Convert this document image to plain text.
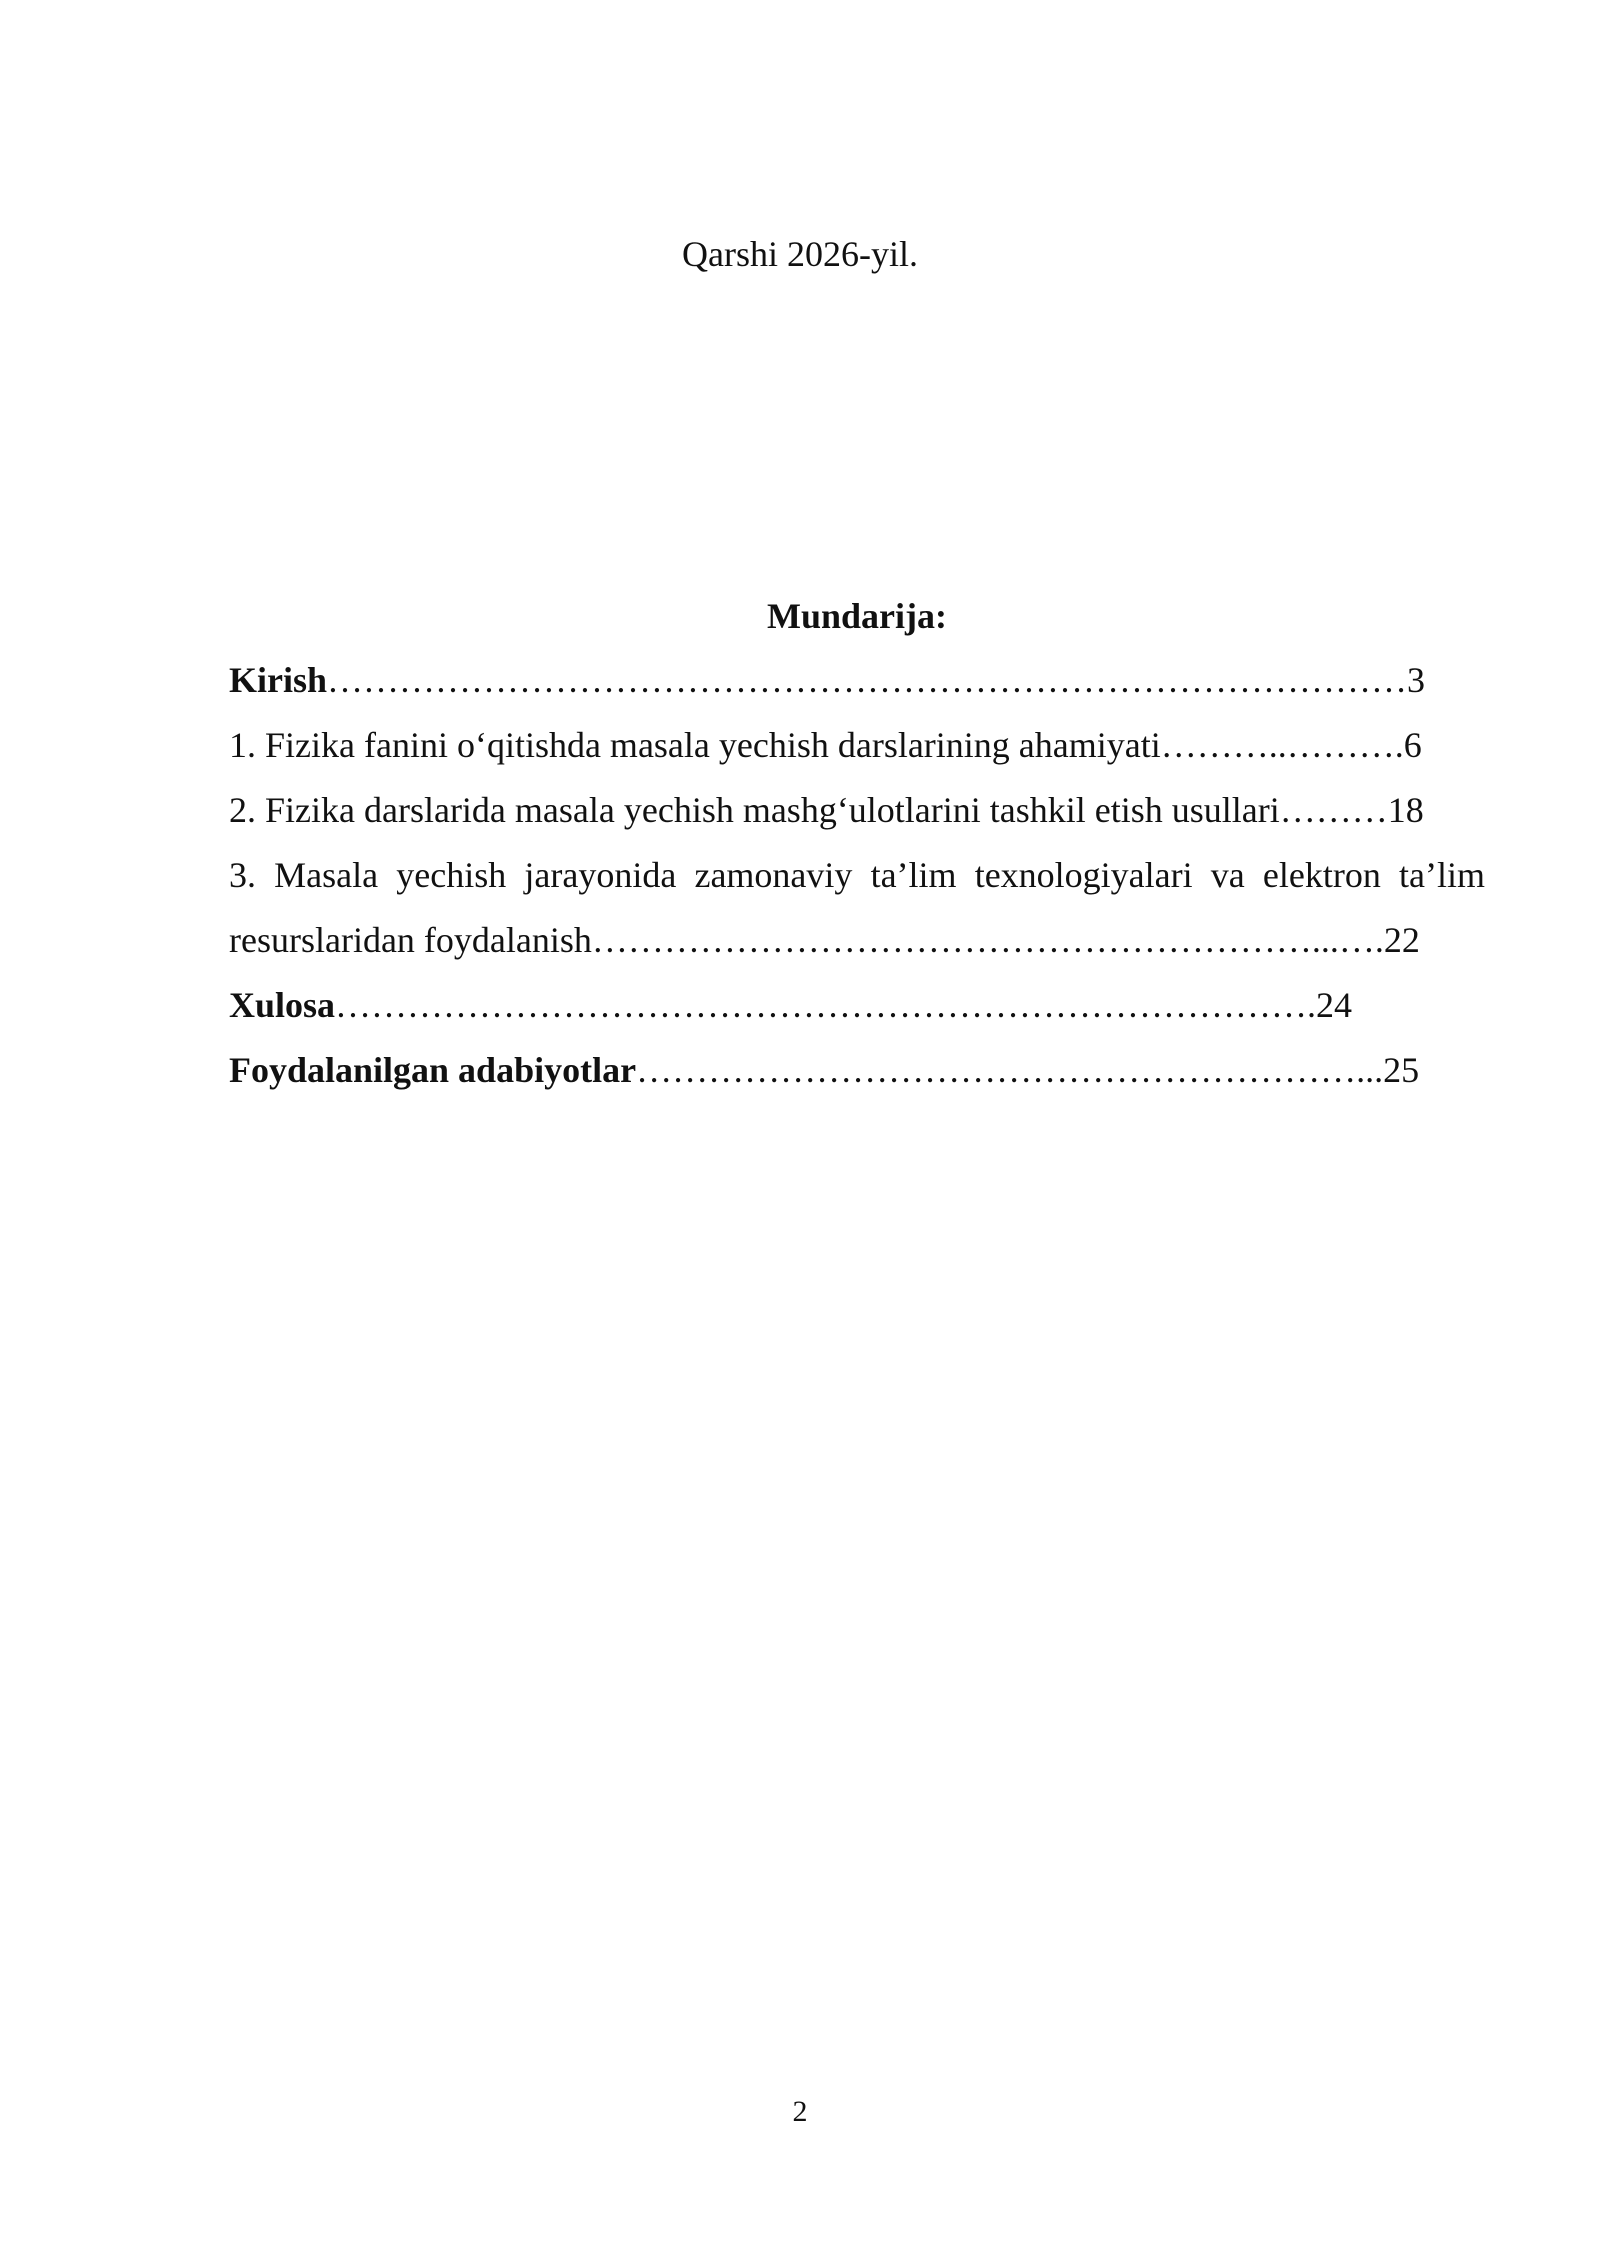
Qarshi 2026-yil.
Mundarija:
Kirish………………………………………………………………………………3
1. Fizika fanini o‘qitishda masala yechish darslarining ahamiyati………..……….6
2. Fizika darslarida masala yechish mashg‘ulotlarini tashkil etish usullari………18
3. Masala yechish jarayonida zamonaviy ta’lim texnologiyalari va elektron ta’lim
resurslaridan foydalanish……………………………………………………...….22
Xulosa……………………………………………………………………….24
Foydalanilgan adabiyotlar……………………………………………………...25
2
